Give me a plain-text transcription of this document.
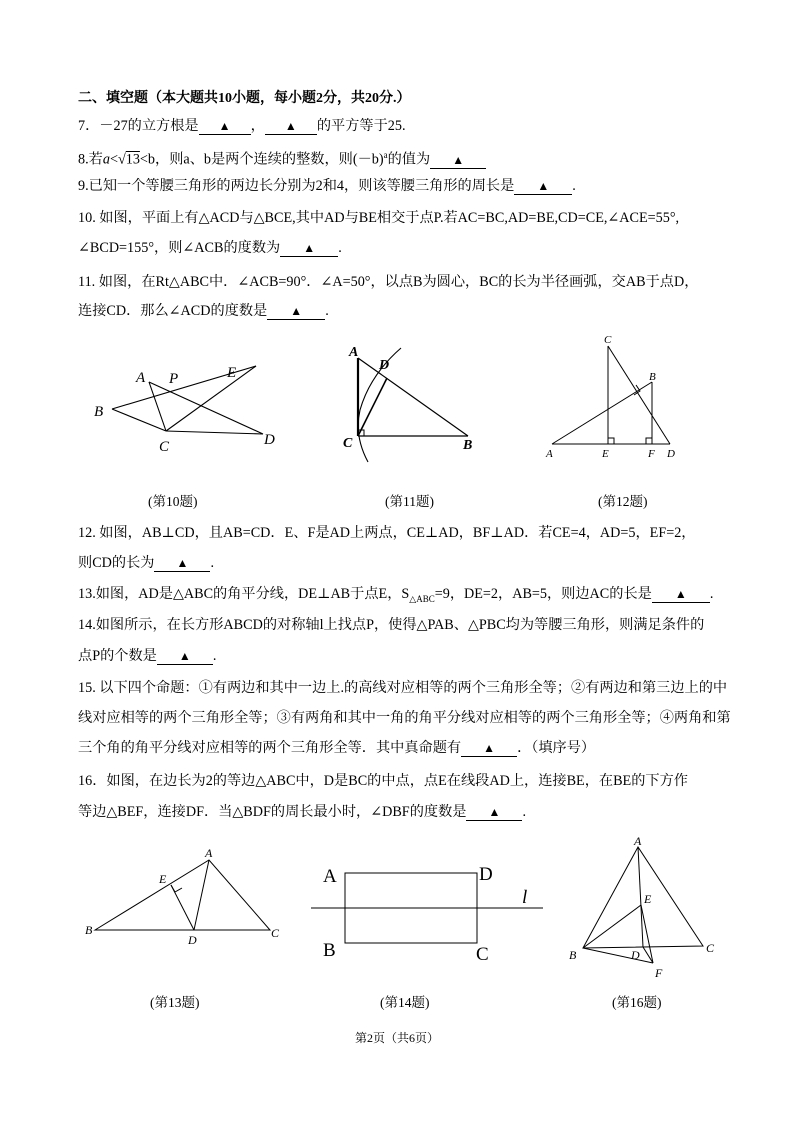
二、填空题（本大题共10小题，每小题2分，共20分.）
7．－27的立方根是 ▲ ， ▲ 的平方等于25.
8.若a<√13<b，则a、b是两个连续的整数，则$(-b)^a$的值为 ▲
9.已知一个等腰三角形的两边长分别为2和4，则该等腰三角形的周长是 ▲ .
10. 如图，平面上有△ACD与△BCE,其中AD与BE相交于点P.若AC=BC,AD=BE,CD=CE,∠ACE=55°,
∠BCD=155°，则∠ACB的度数为 ▲ .
11. 如图，在Rt△ABC中．∠ACB=90°．∠A=50°，以点B为圆心，BC的长为半径画弧，交AB于点D，
连接CD．那么∠ACD的度数是 ▲ .
A P	E
B
C	D
(第10题)
A
D
C	B
(第11题)
C
B
A	E	F D
(第12题)
12. 如图，AB⊥CD，且AB=CD．E、F是AD上两点，CE⊥AD，BF⊥AD．若CE=4，AD=5，EF=2，
则CD的长为 ▲ .
13.如图，AD是△ABC的角平分线，DE⊥AB于点E，$S_{\triangle ABC}=9$，DE=2，AB=5，则边AC的长是 ▲ .
14.如图所示，在长方形ABCD的对称轴l上找点P，使得△PAB、△PBC均为等腰三角形，则满足条件的
点P的个数是 ▲ .
15. 以下四个命题：①有两边和其中一边上.的高线对应相等的两个三角形全等；②有两边和第三边上的中
线对应相等的两个三角形全等；③有两角和其中一角的角平分线对应相等的两个三角形全等；④两角和第
三个角的角平分线对应相等的两个三角形全等．其中真命题有 ▲ ．（填序号）
16．如图，在边长为2的等边△ABC中，D是BC的中点，点E在线段AD上，连接BE，在BE的下方作
等边△BEF，连接DF．当△BDF的周长最小时，∠DBF的度数是 ▲ .
A
E
B
D	C
(第13题)
A	D
l
B	C
(第14题)
A
E
B	D	C
F
(第16题)
第2页（共6页）
